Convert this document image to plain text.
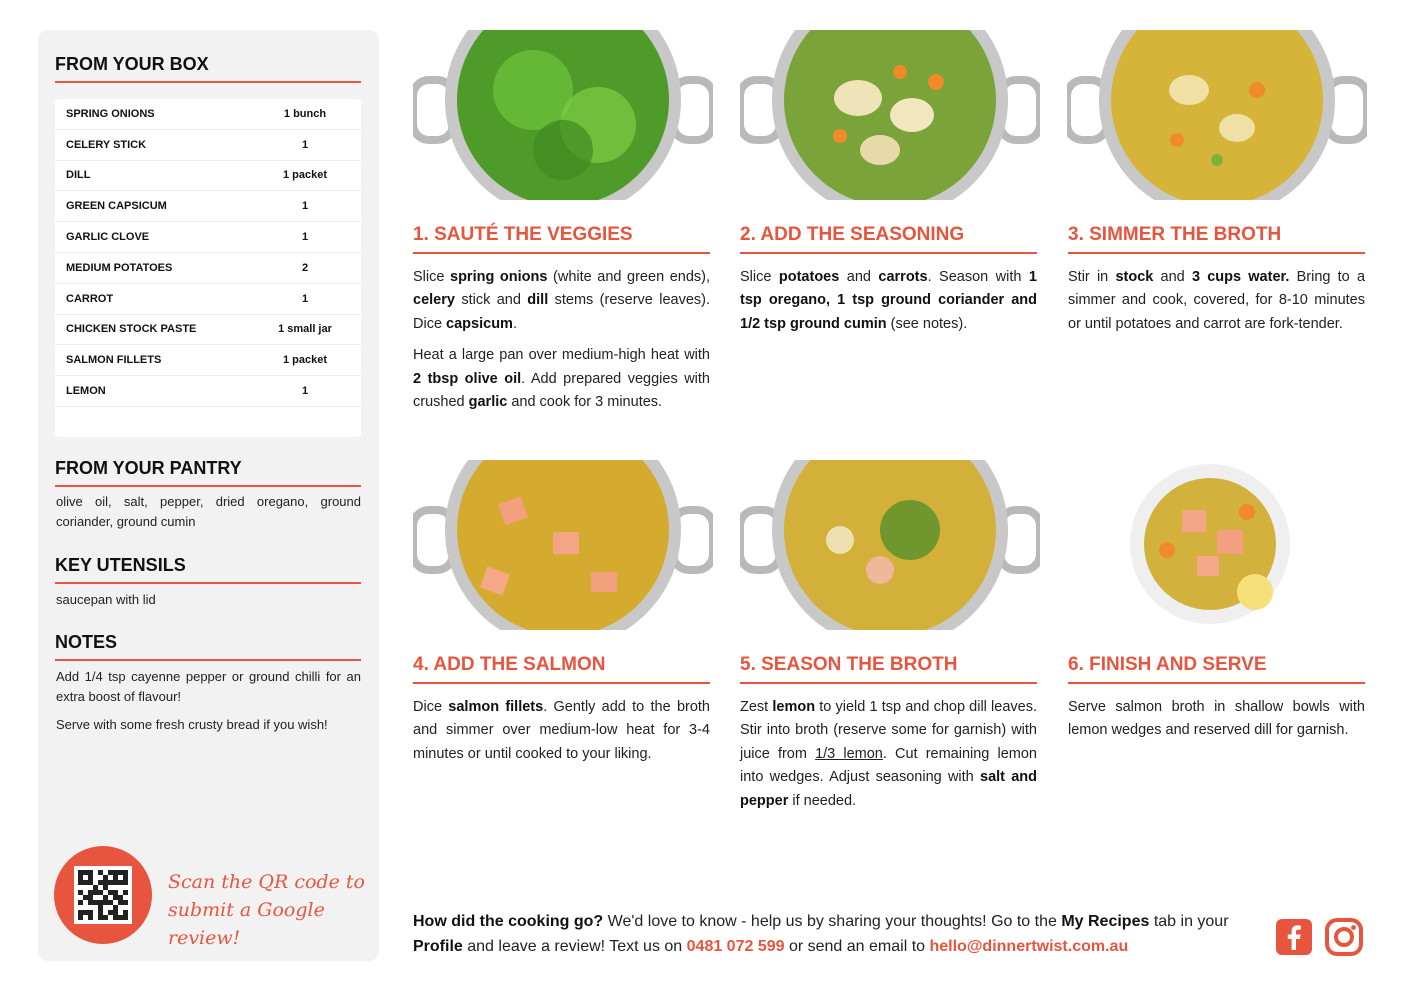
FROM YOUR BOX
SPRING ONIONS	1 bunch
CELERY STICK	1
DILL	1 packet
GREEN CAPSICUM	1
GARLIC CLOVE	1
MEDIUM POTATOES	2
CARROT	1
CHICKEN STOCK PASTE	1 small jar
SALMON FILLETS	1 packet
LEMON	1
FROM YOUR PANTRY
olive oil, salt, pepper, dried oregano, ground coriander, ground cumin
KEY UTENSILS
saucepan with lid
NOTES
Add 1/4 tsp cayenne pepper or ground chilli for an extra boost of flavour!
Serve with some fresh crusty bread if you wish!
Scan the QR code to
submit a Google review!
1. SAUTÉ THE VEGGIES

Slice spring onions (white and green ends), celery stick and dill stems (reserve leaves). Dice capsicum.

Heat a large pan over medium-high heat with 2 tbsp olive oil. Add prepared veggies with crushed garlic and cook for 3 minutes.

2. ADD THE SEASONING

Slice potatoes and carrots. Season with 1 tsp oregano, 1 tsp ground coriander and 1/2 tsp ground cumin (see notes).

3. SIMMER THE BROTH

Stir in stock and 3 cups water. Bring to a simmer and cook, covered, for 8-10 minutes or until potatoes and carrot are fork-tender.

4. ADD THE SALMON

Dice salmon fillets. Gently add to the broth and simmer over medium-low heat for 3-4 minutes or until cooked to your liking.

5. SEASON THE BROTH

Zest lemon to yield 1 tsp and chop dill leaves. Stir into broth (reserve some for garnish) with juice from 1/3 lemon. Cut remaining lemon into wedges. Adjust seasoning with salt and pepper if needed.

6. FINISH AND SERVE

Serve salmon broth in shallow bowls with lemon wedges and reserved dill for garnish.

How did the cooking go? We'd love to know - help us by sharing your thoughts! Go to the My Recipes tab in your Profile and leave a review! Text us on 0481 072 599 or send an email to hello@dinnertwist.com.au
